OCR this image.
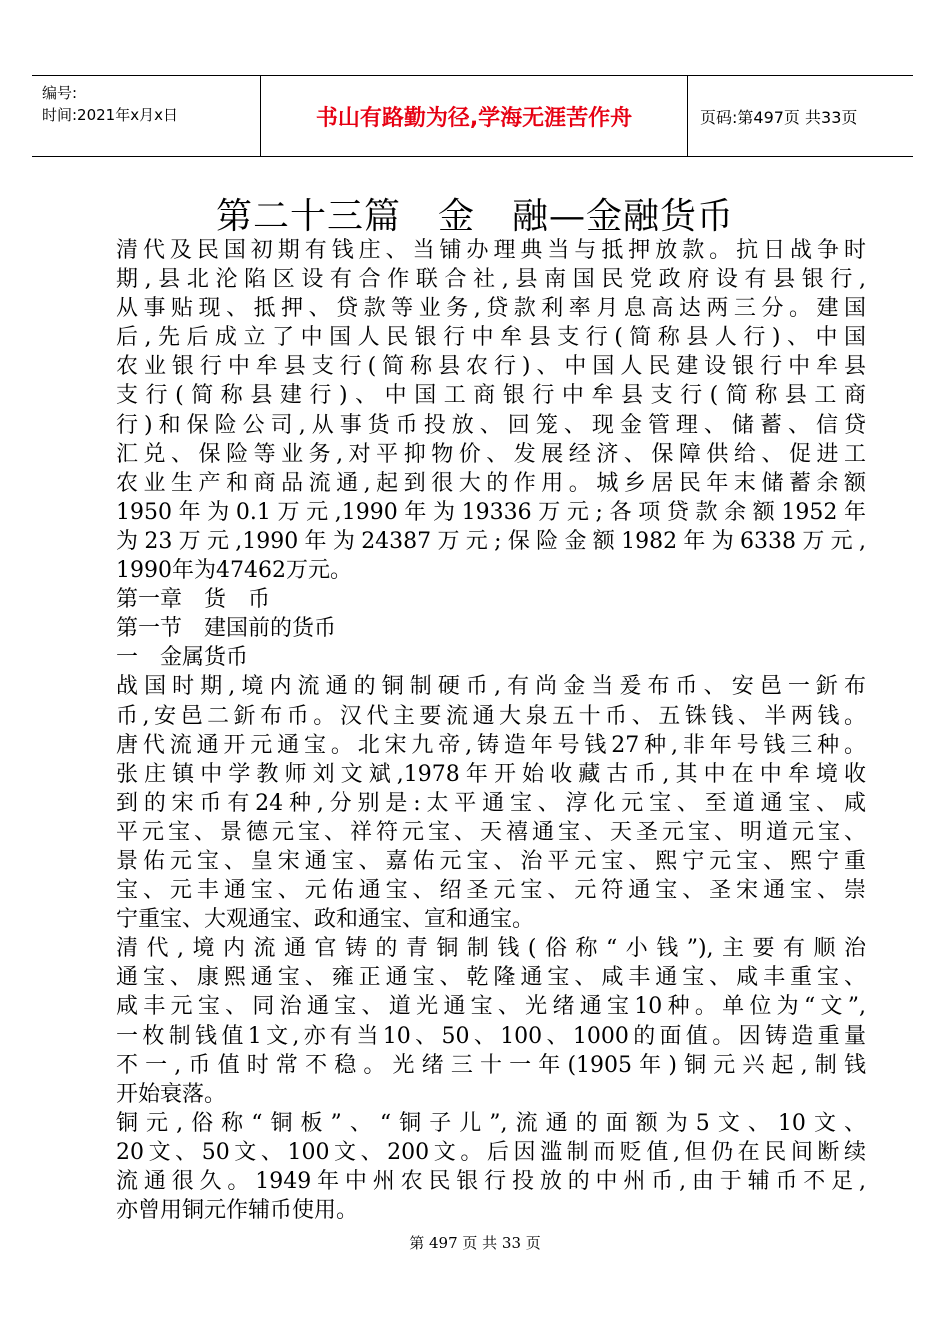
编号:
时间:2021年x月x日	书山有路勤为径,学海无涯苦作舟	页码:第497页 共33页
第二十三篇　金　融—金融货币
清代及民国初期有钱庄、当铺办理典当与抵押放款。抗日战争时
期,县北沦陷区设有合作联合社,县南国民党政府设有县银行,
从事贴现、抵押、贷款等业务,贷款利率月息高达两三分。建国
后,先后成立了中国人民银行中牟县支行(简称县人行)、中国
农业银行中牟县支行(简称县农行)、中国人民建设银行中牟县
支行(简称县建行)、中国工商银行中牟县支行(简称县工商
行)和保险公司,从事货币投放、回笼、现金管理、储蓄、信贷
汇兑、保险等业务,对平抑物价、发展经济、保障供给、促进工
农业生产和商品流通,起到很大的作用。城乡居民年末储蓄余额
1950年为0.1万元,1990年为19336万元;各项贷款余额1952年
为23万元,1990年为24387万元;保险金额1982年为6338万元,
1990年为47462万元。
第一章　货　币
第一节　建国前的货币
一　金属货币
战国时期,境内流通的铜制硬币,有尚金当爰布币、安邑一釿布
币,安邑二釿布币。汉代主要流通大泉五十币、五铢钱、半两钱。
唐代流通开元通宝。北宋九帝,铸造年号钱27种,非年号钱三种。
张庄镇中学教师刘文斌,1978年开始收藏古币,其中在中牟境收
到的宋币有24种,分别是:太平通宝、淳化元宝、至道通宝、咸
平元宝、景德元宝、祥符元宝、天禧通宝、天圣元宝、明道元宝、
景佑元宝、皇宋通宝、嘉佑元宝、治平元宝、熙宁元宝、熙宁重
宝、元丰通宝、元佑通宝、绍圣元宝、元符通宝、圣宋通宝、崇
宁重宝、大观通宝、政和通宝、宣和通宝。
清代,境内流通官铸的青铜制钱(俗称“小钱”),主要有顺治
通宝、康熙通宝、雍正通宝、乾隆通宝、咸丰通宝、咸丰重宝、
咸丰元宝、同治通宝、道光通宝、光绪通宝10种。单位为“文”,
一枚制钱值1文,亦有当10、50、100、1000的面值。因铸造重量
不一,币值时常不稳。光绪三十一年(1905年)铜元兴起,制钱
开始衰落。
铜元,俗称“铜板”、“铜子儿”,流通的面额为5文、10文、
20文、50文、100文、200文。后因滥制而贬值,但仍在民间断续
流通很久。1949年中州农民银行投放的中州币,由于辅币不足,
亦曾用铜元作辅币使用。
第 497 页 共 33 页
